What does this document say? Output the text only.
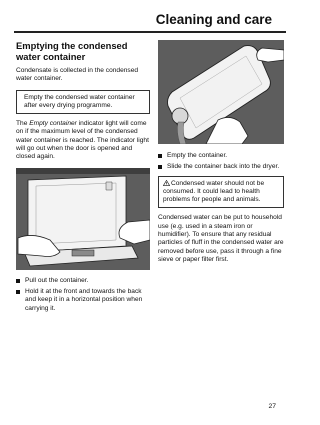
Cleaning and care
Emptying the condensed water container

Condensate is collected in the condensed water container.

Empty the condensed water container after every drying programme.

The Empty container indicator light will come on if the maximum level of the condensed water container is reached. The indicator light will go out when the door is opened and closed again.

Pull out the container.
Hold it at the front and towards the back and keep it in a horizontal position when carrying it.
Empty the container.
Slide the container back into the dryer.
Condensed water should not be consumed. It could lead to health problems for people and animals.

Condensed water can be put to household use (e.g. used in a steam iron or humidifier). To ensure that any residual particles of fluff in the condensed water are removed before use, pass it through a fine sieve or paper filter first.

27
